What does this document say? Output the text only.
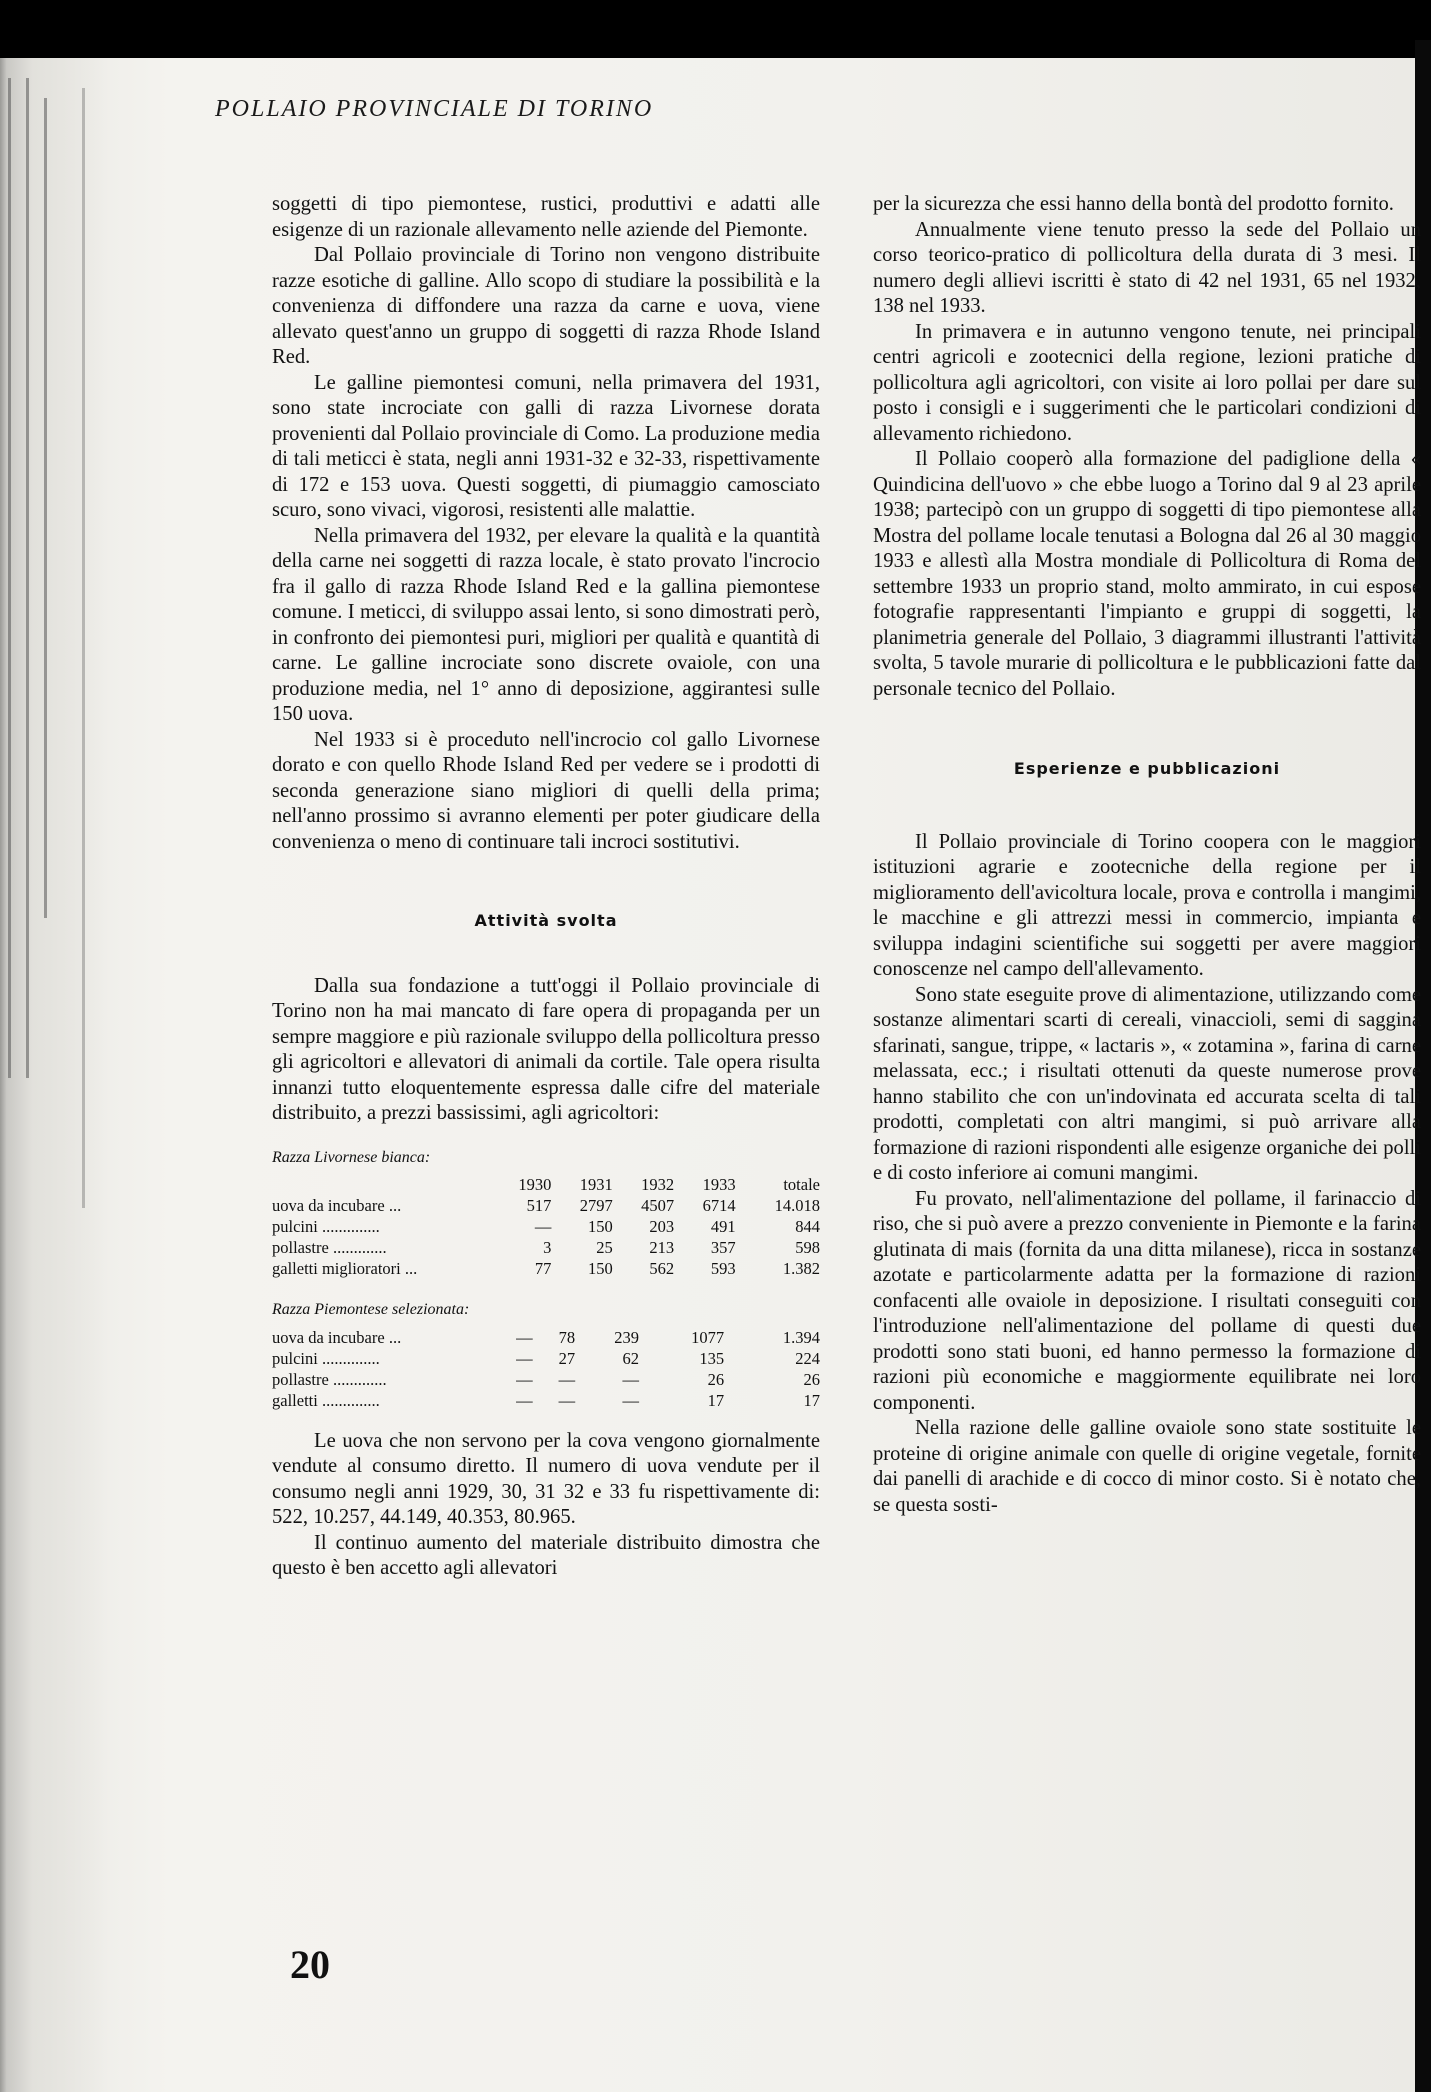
POLLAIO PROVINCIALE DI TORINO

soggetti di tipo piemontese, rustici, produttivi e adatti alle esigenze di un razionale allevamento nelle aziende del Piemonte.

Dal Pollaio provinciale di Torino non vengono distribuite razze esotiche di galline. Allo scopo di studiare la possibilità e la convenienza di diffondere una razza da carne e uova, viene allevato quest'anno un gruppo di soggetti di razza Rhode Island Red.

Le galline piemontesi comuni, nella primavera del 1931, sono state incrociate con galli di razza Livornese dorata provenienti dal Pollaio provinciale di Como. La produzione media di tali meticci è stata, negli anni 1931-32 e 32-33, rispettivamente di 172 e 153 uova. Questi soggetti, di piumaggio camosciato scuro, sono vivaci, vigorosi, resistenti alle malattie.

Nella primavera del 1932, per elevare la qualità e la quantità della carne nei soggetti di razza locale, è stato provato l'incrocio fra il gallo di razza Rhode Island Red e la gallina piemontese comune. I meticci, di sviluppo assai lento, si sono dimostrati però, in confronto dei piemontesi puri, migliori per qualità e quantità di carne. Le galline incrociate sono discrete ovaiole, con una produzione media, nel 1° anno di deposizione, aggirantesi sulle 150 uova.

Nel 1933 si è proceduto nell'incrocio col gallo Livornese dorato e con quello Rhode Island Red per vedere se i prodotti di seconda generazione siano migliori di quelli della prima; nell'anno prossimo si avranno elementi per poter giudicare della convenienza o meno di continuare tali incroci sostitutivi.

Attività svolta

Dalla sua fondazione a tutt'oggi il Pollaio provinciale di Torino non ha mai mancato di fare opera di propaganda per un sempre maggiore e più razionale sviluppo della pollicoltura presso gli agricoltori e allevatori di animali da cortile. Tale opera risulta innanzi tutto eloquentemente espressa dalle cifre del materiale distribuito, a prezzi bassissimi, agli agricoltori:

Razza Livornese bianca:
	1930	1931	1932	1933	totale
uova da incubare ...	517	2797	4507	6714	14.018
pulcini ..............	—	150	203	491	844
pollastre .............	3	25	213	357	598
galletti miglioratori ...	77	150	562	593	1.382
Razza Piemontese selezionata:
uova da incubare ...	—	78	239	1077	1.394
pulcini ..............	—	27	62	135	224
pollastre .............	—	—	—	26	26
galletti ..............	—	—	—	17	17

Le uova che non servono per la cova vengono giornalmente vendute al consumo diretto. Il numero di uova vendute per il consumo negli anni 1929, 30, 31 32 e 33 fu rispettivamente di: 522, 10.257, 44.149, 40.353, 80.965.

Il continuo aumento del materiale distribuito dimostra che questo è ben accetto agli allevatori

per la sicurezza che essi hanno della bontà del prodotto fornito.

Annualmente viene tenuto presso la sede del Pollaio un corso teorico-pratico di pollicoltura della durata di 3 mesi. Il numero degli allievi iscritti è stato di 42 nel 1931, 65 nel 1932, 138 nel 1933.

In primavera e in autunno vengono tenute, nei principali centri agricoli e zootecnici della regione, lezioni pratiche di pollicoltura agli agricoltori, con visite ai loro pollai per dare sul posto i consigli e i suggerimenti che le particolari condizioni di allevamento richiedono.

Il Pollaio cooperò alla formazione del padiglione della « Quindicina dell'uovo » che ebbe luogo a Torino dal 9 al 23 aprile 1938; partecipò con un gruppo di soggetti di tipo piemontese alla Mostra del pollame locale tenutasi a Bologna dal 26 al 30 maggio 1933 e allestì alla Mostra mondiale di Pollicoltura di Roma del settembre 1933 un proprio stand, molto ammirato, in cui espose fotografie rappresentanti l'impianto e gruppi di soggetti, la planimetria generale del Pollaio, 3 diagrammi illustranti l'attività svolta, 5 tavole murarie di pollicoltura e le pubblicazioni fatte dal personale tecnico del Pollaio.

Esperienze e pubblicazioni

Il Pollaio provinciale di Torino coopera con le maggiori istituzioni agrarie e zootecniche della regione per il miglioramento dell'avicoltura locale, prova e controlla i mangimi, le macchine e gli attrezzi messi in commercio, impianta e sviluppa indagini scientifiche sui soggetti per avere maggiori conoscenze nel campo dell'allevamento.

Sono state eseguite prove di alimentazione, utilizzando come sostanze alimentari scarti di cereali, vinaccioli, semi di saggina sfarinati, sangue, trippe, « lactaris », « zotamina », farina di carne melassata, ecc.; i risultati ottenuti da queste numerose prove hanno stabilito che con un'indovinata ed accurata scelta di tali prodotti, completati con altri mangimi, si può arrivare alla formazione di razioni rispondenti alle esigenze organiche dei polli e di costo inferiore ai comuni mangimi.

Fu provato, nell'alimentazione del pollame, il farinaccio di riso, che si può avere a prezzo conveniente in Piemonte e la farina glutinata di mais (fornita da una ditta milanese), ricca in sostanze azotate e particolarmente adatta per la formazione di razioni confacenti alle ovaiole in deposizione. I risultati conseguiti con l'introduzione nell'alimentazione del pollame di questi due prodotti sono stati buoni, ed hanno permesso la formazione di razioni più economiche e maggiormente equilibrate nei loro componenti.

Nella razione delle galline ovaiole sono state sostituite le proteine di origine animale con quelle di origine vegetale, fornite dai panelli di arachide e di cocco di minor costo. Si è notato che, se questa sosti-

20
